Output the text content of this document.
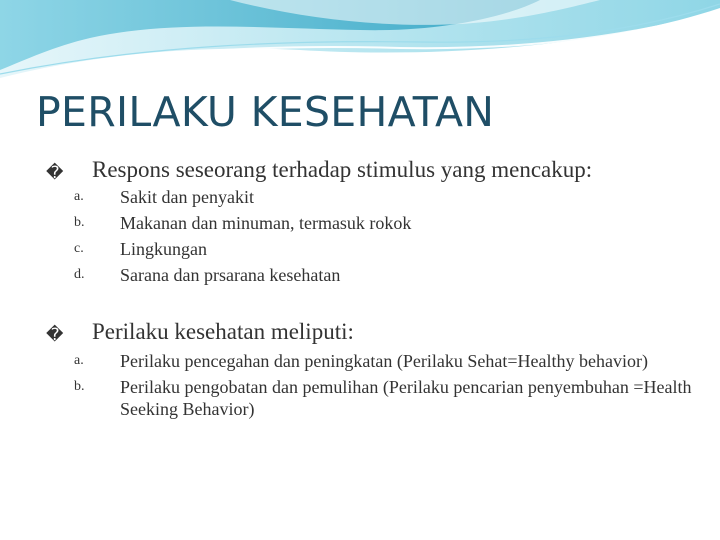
PERILAKU KESEHATAN
� Respons seseorang terhadap stimulus yang mencakup:
a.	Sakit dan penyakit
b.	Makanan dan minuman, termasuk rokok
c.	Lingkungan
d.	Sarana dan prsarana kesehatan
� Perilaku kesehatan meliputi:
a.	Perilaku pencegahan dan peningkatan (Perilaku Sehat=Healthy behavior)
b.	Perilaku pengobatan dan pemulihan (Perilaku pencarian penyembuhan =Health Seeking Behavior)
